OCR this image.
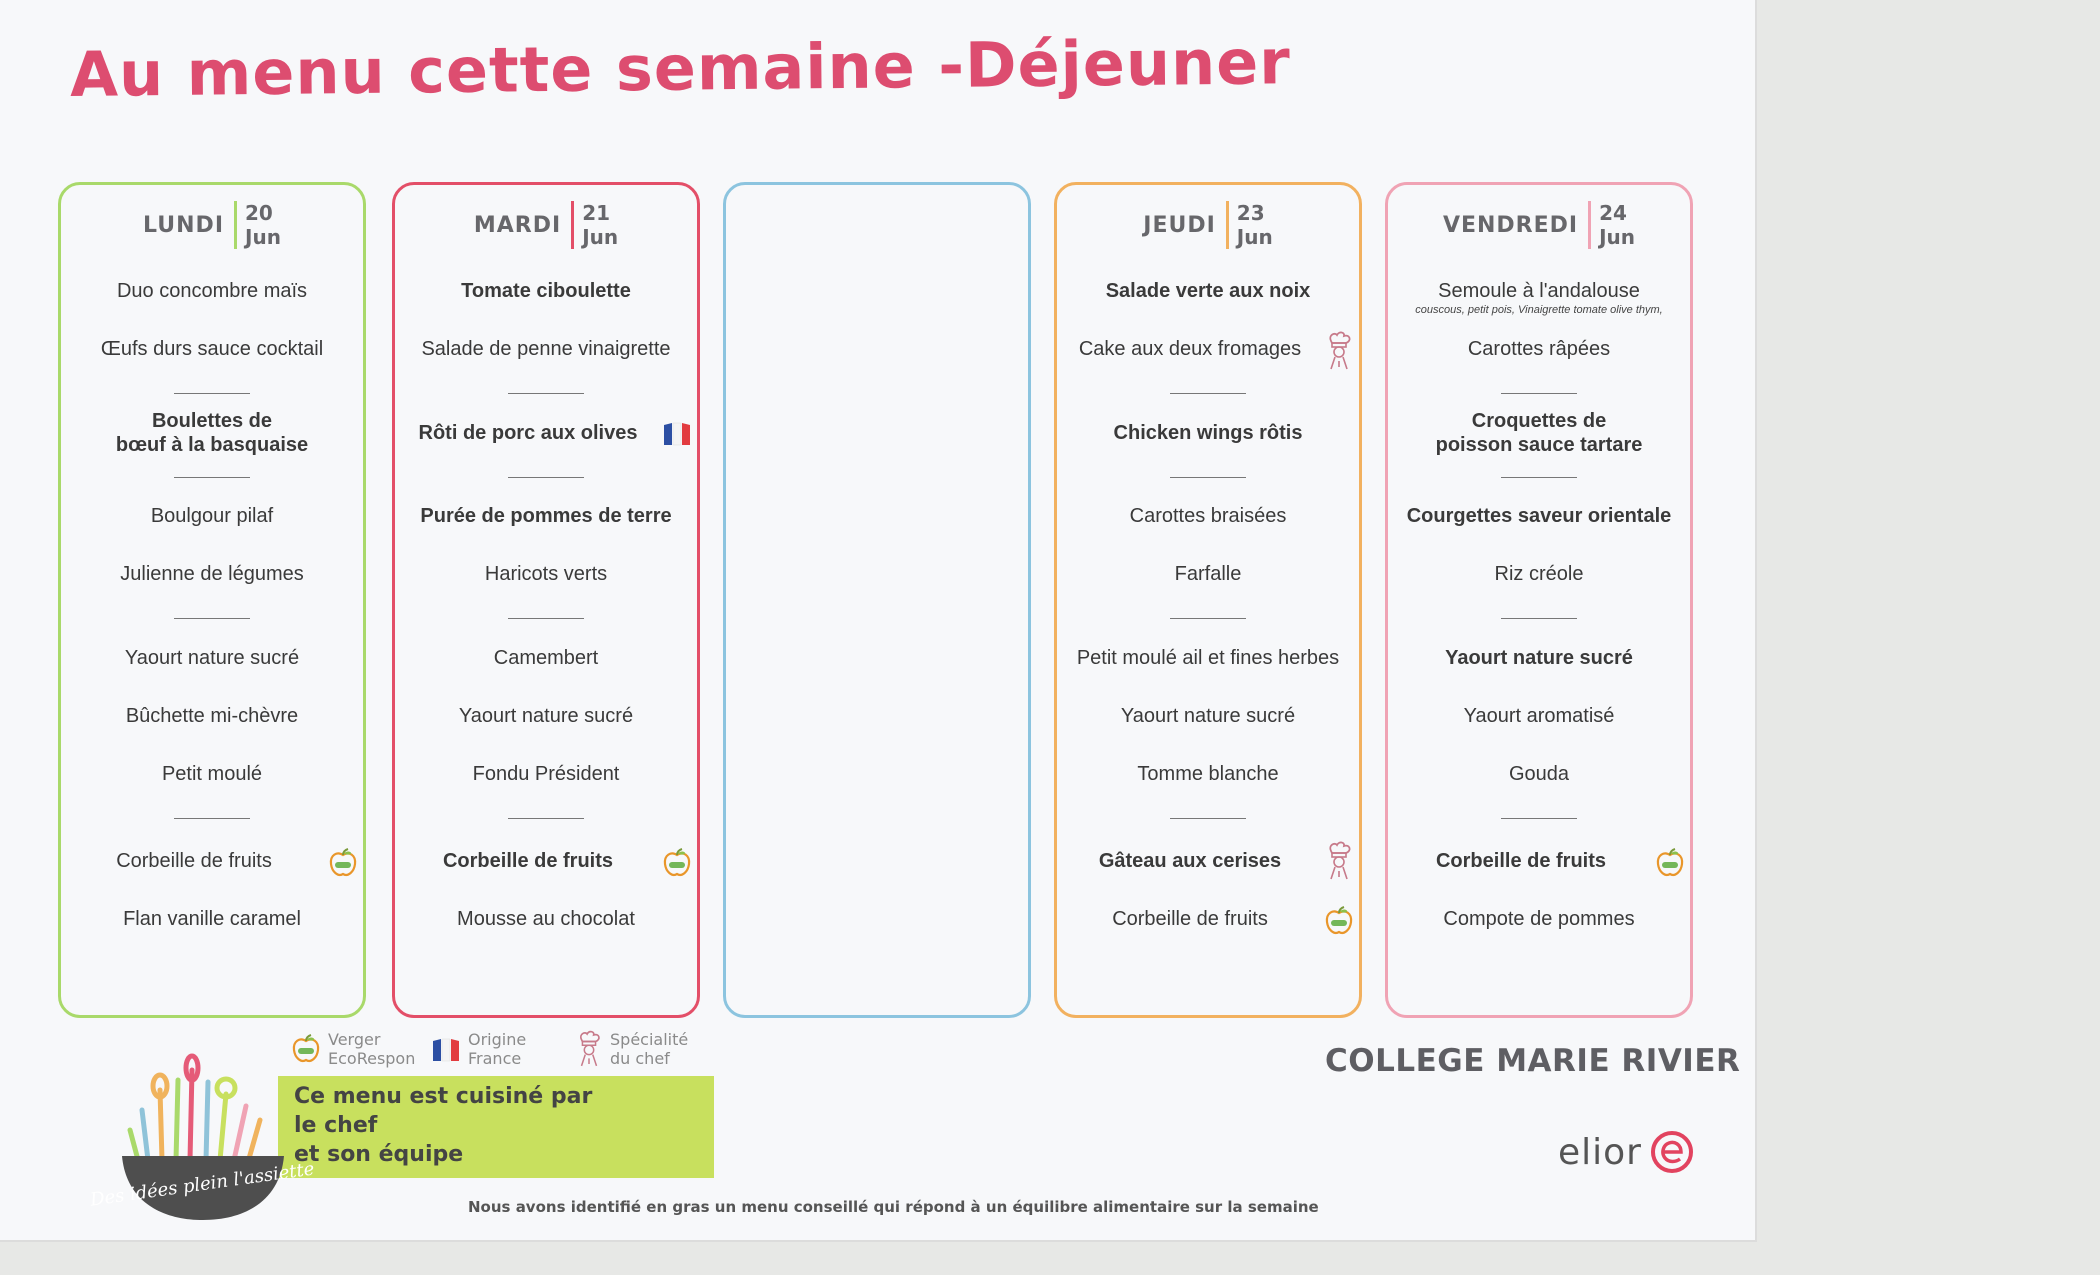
Au menu cette semaine -Déjeuner
LUNDI	20
Jun
Duo concombre maïs
Œufs durs sauce cocktail
Boulettes de
bœuf à la basquaise
Boulgour pilaf
Julienne de légumes
Yaourt nature sucré
Bûchette mi-chèvre
Petit moulé
Corbeille de fruits
Flan vanille caramel
MARDI	21
Jun
Tomate ciboulette
Salade de penne vinaigrette
Rôti de porc aux olives
Purée de pommes de terre
Haricots verts
Camembert
Yaourt nature sucré
Fondu Président
Corbeille de fruits
Mousse au chocolat
JEUDI	23
Jun
Salade verte aux noix
Cake aux deux fromages
Chicken wings rôtis
Carottes braisées
Farfalle
Petit moulé ail et fines herbes
Yaourt nature sucré
Tomme blanche
Gâteau aux cerises
Corbeille de fruits
VENDREDI	24
Jun
Semoule à l'andalouse
couscous, petit pois, Vinaigrette tomate olive thym,
Carottes râpées
Croquettes de
poisson sauce tartare
Courgettes saveur orientale
Riz créole
Yaourt nature sucré
Yaourt aromatisé
Gouda
Corbeille de fruits
Compote de pommes
Verger
EcoRespon
Origine
France
Spécialité
du chef
Ce menu est cuisiné par
le chef
et son équipe
Des idées plein l'assiette
COLLEGE MARIE RIVIER
elior
Nous avons identifié en gras un menu conseillé qui répond à un équilibre alimentaire sur la semaine
